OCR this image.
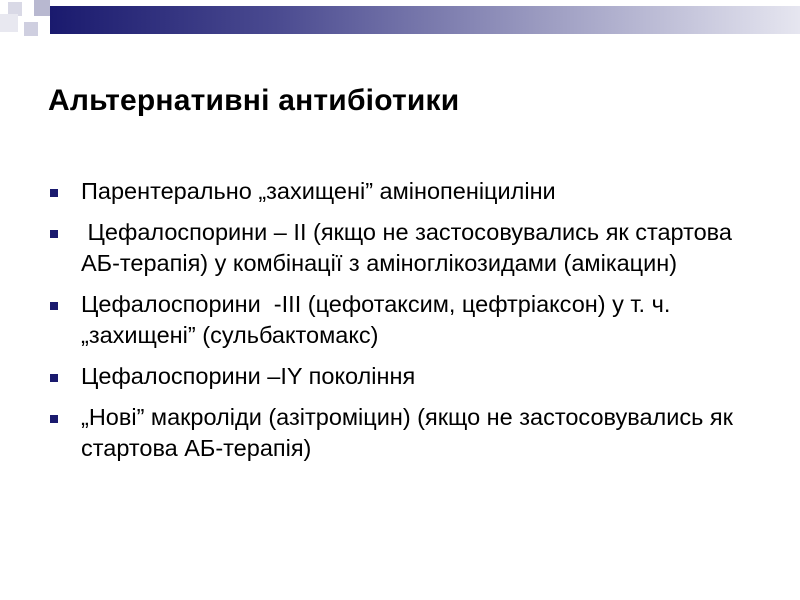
Альтернативні антибіотики
Парентерально „захищені” амінопеніциліни
Цефалоспорини – ІІ (якщо не застосовувались як стартова АБ-терапія) у комбінації з аміноглікозидами (амікацин)
Цефалоспорини  -ІІІ (цефотаксим, цефтріаксон) у т. ч. „захищені” (сульбактомакс)
Цефалоспорини –ІY покоління
„Нові” макроліди (азітроміцин) (якщо не застосовувались як стартова АБ-терапія)
